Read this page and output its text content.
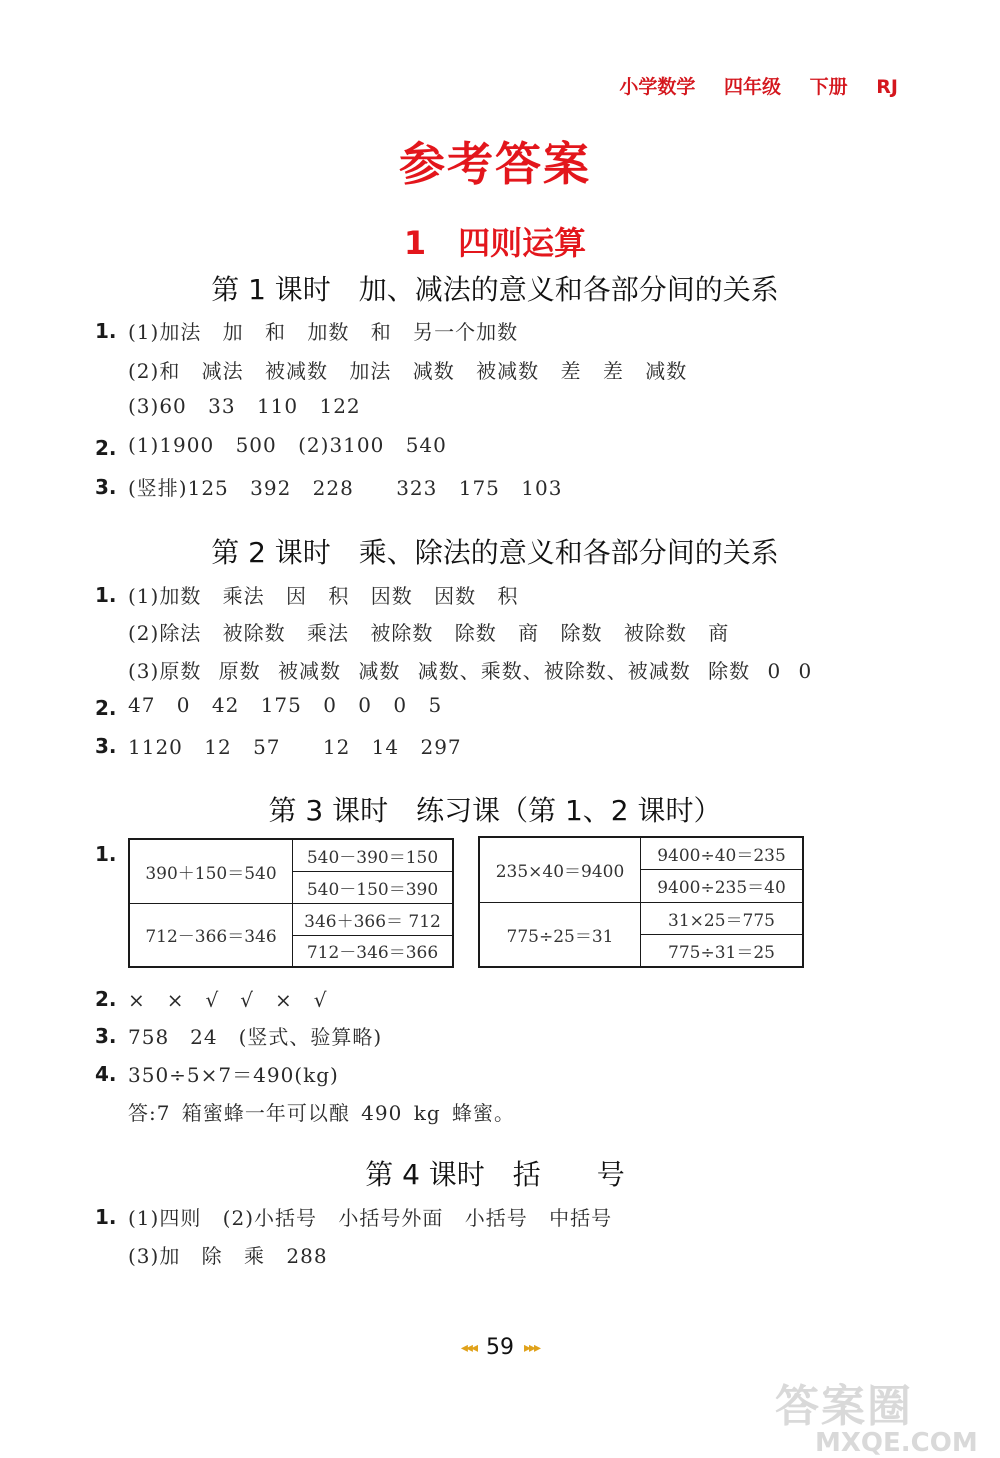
小学数学 四年级 下册 RJ
参考答案
1　四则运算
第 1 课时　加、减法的意义和各部分间的关系
1. (1)加法 加 和 加数 和 另一个加数
(2)和 减法 被减数 加法 减数 被减数 差 差 减数
(3)60 33 110 122
2. (1)1900 500 (2)3100 540
3. (竖排)125 392 228　 323 175 103
第 2 课时　乘、除法的意义和各部分间的关系
1. (1)加数 乘法 因 积 因数 因数 积
(2)除法 被除数 乘法 被除数 除数 商 除数 被除数 商
(3)原数 原数 被减数 减数 减数、乘数、被除数、被减数 除数 0 0
2. 47 0 42 175 0 0 0 5
3. 1120 12 57　 12 14 297
第 3 课时　练习课（第 1、2 课时）
1.
390＋150＝540	540－390＝150
	540－150＝390
712－366＝346	346＋366＝ 712
	712－346＝366
235×40＝9400	9400÷40＝235
	9400÷235＝40
775÷25＝31	31×25＝775
	775÷31＝25
2. ×　×　√　√　×　√
3. 758　24　(竖式、验算略)
4. 350÷5×7＝490(kg)
答:7 箱蜜蜂一年可以酿 490 kg 蜂蜜。
第 4 课时　括　　号
1. (1)四则 (2)小括号 小括号外面 小括号 中括号
(3)加 除 乘 288
◂◂◂ 59 ▸▸▸
答案圈
MXQE.COM
